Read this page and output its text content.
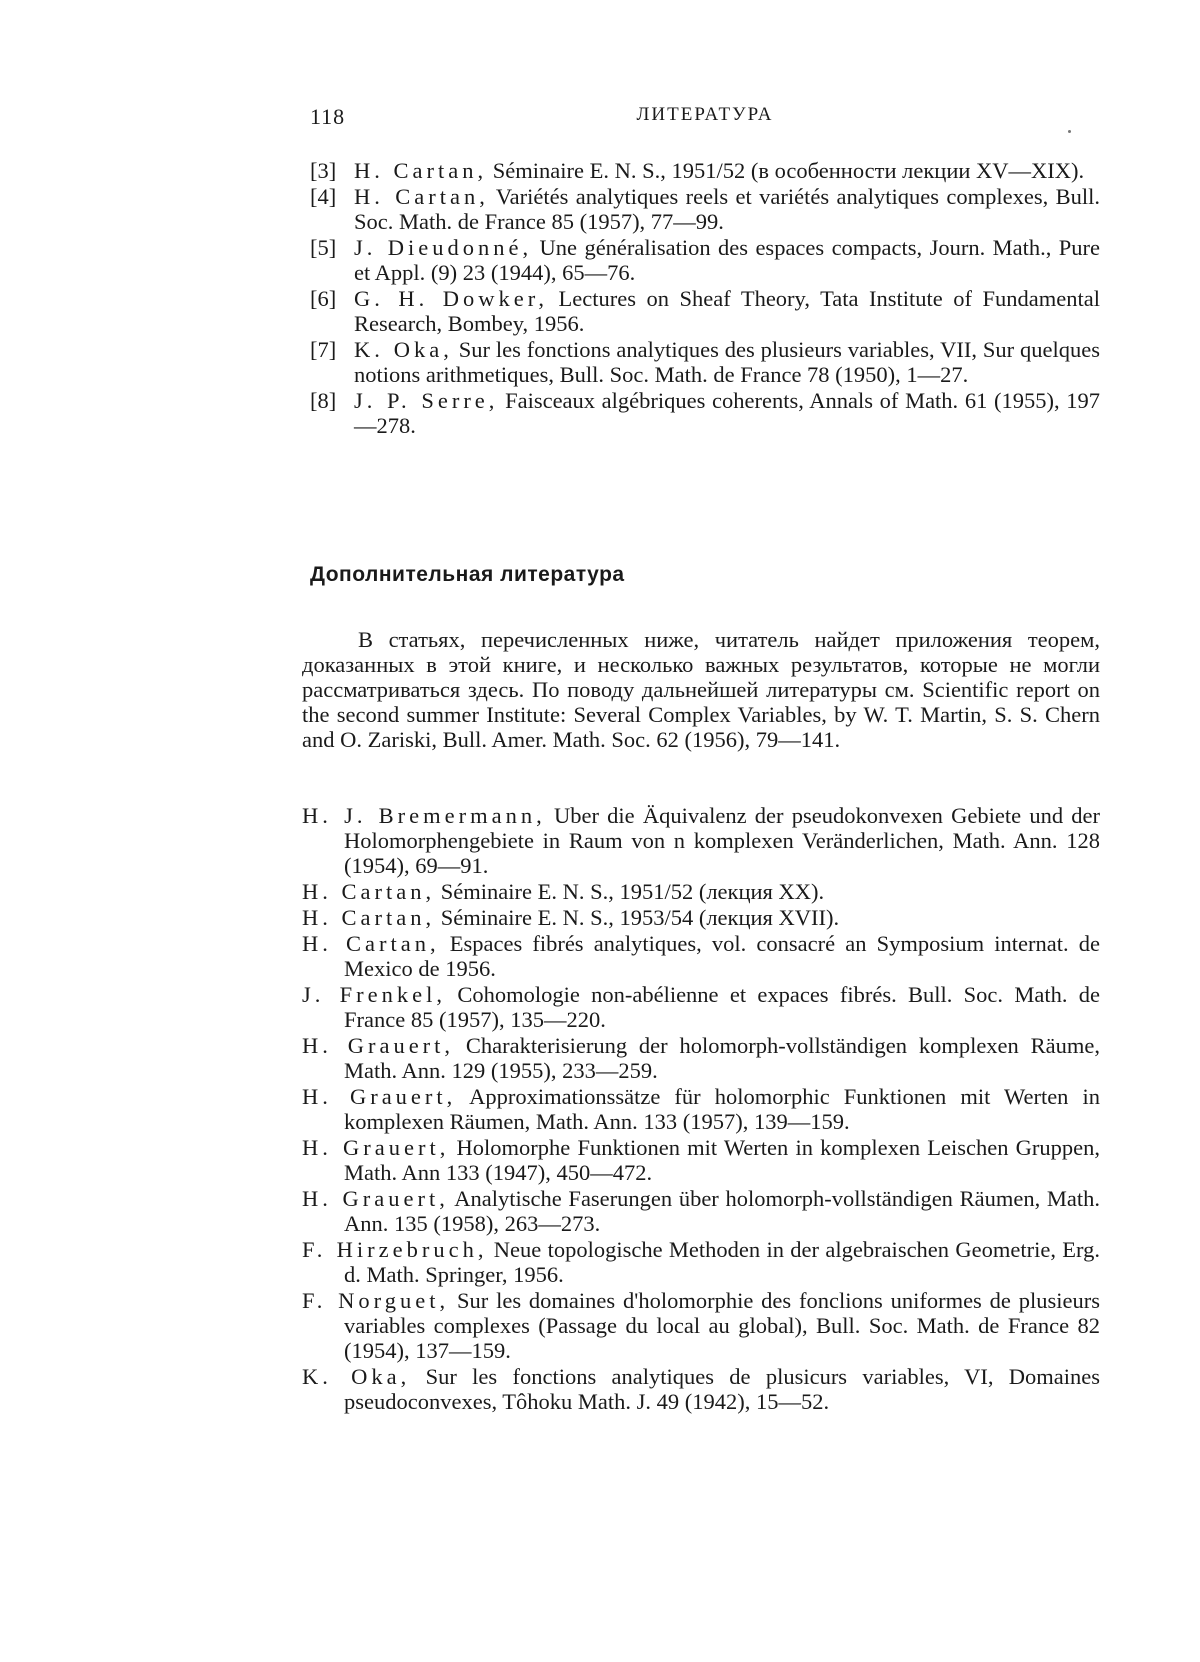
118	ЛИТЕРАТУРА
[3] H. Cartan, Séminaire E. N. S., 1951/52 (в особенности лекции XV—XIX).
[4] H. Cartan, Variétés analytiques reels et variétés analytiques complexes, Bull. Soc. Math. de France 85 (1957), 77—99.
[5] J. Dieudonné, Une généralisation des espaces compacts, Journ. Math., Pure et Appl. (9) 23 (1944), 65—76.
[6] G. H. Dowker, Lectures on Sheaf Theory, Tata Institute of Fundamental Research, Bombey, 1956.
[7] K. Oka, Sur les fonctions analytiques des plusieurs variables, VII, Sur quelques notions arithmetiques, Bull. Soc. Math. de France 78 (1950), 1—27.
[8] J. P. Serre, Faisceaux algébriques coherents, Annals of Math. 61 (1955), 197—278.
Дополнительная литература

В статьях, перечисленных ниже, читатель найдет приложения теорем, доказанных в этой книге, и несколько важных результатов, которые не могли рассматриваться здесь. По поводу дальнейшей литературы см. Scientific report on the second summer Institute: Several Complex Variables, by W. T. Martin, S. S. Chern and O. Zariski, Bull. Amer. Math. Soc. 62 (1956), 79—141.

H. J. Bremermann, Uber die Äquivalenz der pseudokonvexen Gebiete und der Holomorphengebiete in Raum von n komplexen Veränderlichen, Math. Ann. 128 (1954), 69—91.
H. Cartan, Séminaire E. N. S., 1951/52 (лекция XX).
H. Cartan, Séminaire E. N. S., 1953/54 (лекция XVII).
H. Cartan, Espaces fibrés analytiques, vol. consacré an Symposium internat. de Mexico de 1956.
J. Frenkel, Cohomologie non-abélienne et expaces fibrés. Bull. Soc. Math. de France 85 (1957), 135—220.
H. Grauert, Charakterisierung der holomorph-vollständigen komplexen Räume, Math. Ann. 129 (1955), 233—259.
H. Grauert, Approximationssätze für holomorphic Funktionen mit Werten in komplexen Räumen, Math. Ann. 133 (1957), 139—159.
H. Grauert, Holomorphe Funktionen mit Werten in komplexen Leischen Gruppen, Math. Ann 133 (1947), 450—472.
H. Grauert, Analytische Faserungen über holomorph-vollständigen Räumen, Math. Ann. 135 (1958), 263—273.
F. Hirzebruch, Neue topologische Methoden in der algebraischen Geometrie, Erg. d. Math. Springer, 1956.
F. Norguet, Sur les domaines d'holomorphie des fonclions uniformes de plusieurs variables complexes (Passage du local au global), Bull. Soc. Math. de France 82 (1954), 137—159.
K. Oka, Sur les fonctions analytiques de plusicurs variables, VI, Domaines pseudoconvexes, Tôhoku Math. J. 49 (1942), 15—52.
